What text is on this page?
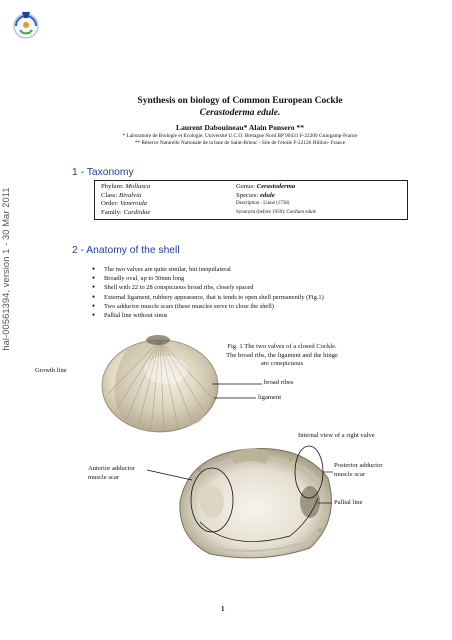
hal-00561394, version 1 - 30 Mar 2011
Synthesis on biology of Common European Cockle
Cerastoderma edule.
Laurent Dabouineau* Alain Ponsero **
* Laboratoire de Biologie et Ecologie, Université U.C.O. Bretagne Nord BP 90431 F-22200 Guingamp-France
** Réserve Naturelle Nationale de la baie de Saint-Brieuc - Site de l'étoile F-22120 Hillion- France
1 - Taxonomy
Phylum: Mollusca
Class: Bivalvia
Order: Veneroida
Family: Cardiidae
Genus: Cerastoderma
Species: edule
Description : Linné (1758)
Synonym (before 1950): Cardium edule
2 - Anatomy of the shell
● The two valves are quite similar, but inequilateral
● Broadly oval, up to 50mm long
● Shell with 22 to 28 conspicuous broad ribs, closely spaced
● External ligament, rubbery appearance, that is tends to open shell permanently (Fig.1)
● Two adductor muscle scars (these muscles serve to close the shell)
● Pallial line without sinus
Fig. 1 The two valves of a closed Cockle.
The broad ribs, the ligament and the hinge
are conspicuous
Growth line
broad ribes
ligament
Internal view of a right valve
Anterior adductor
muscle scar
Posterior adductor
muscle scar
Pallial line
1
